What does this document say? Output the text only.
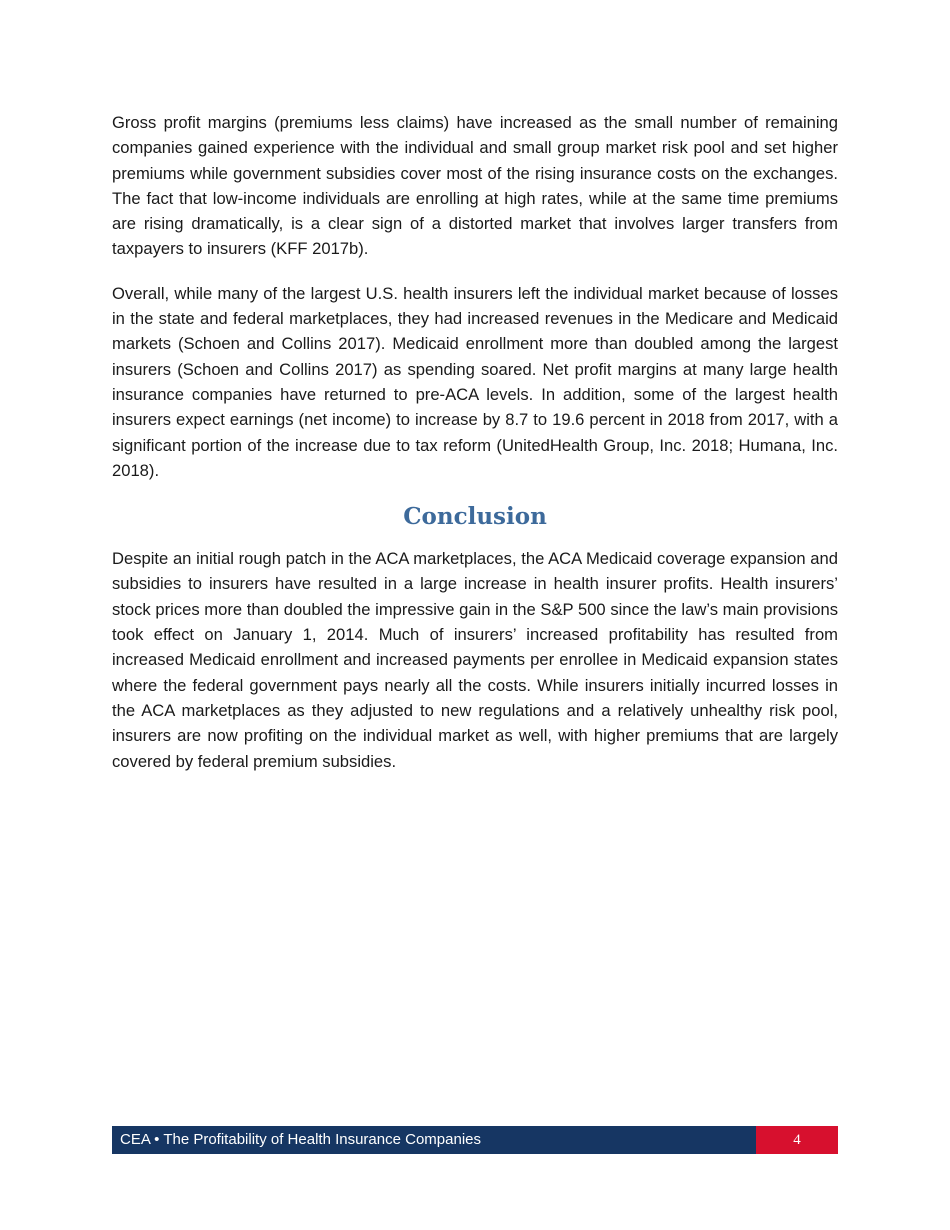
Gross profit margins (premiums less claims) have increased as the small number of remaining companies gained experience with the individual and small group market risk pool and set higher premiums while government subsidies cover most of the rising insurance costs on the exchanges. The fact that low-income individuals are enrolling at high rates, while at the same time premiums are rising dramatically, is a clear sign of a distorted market that involves larger transfers from taxpayers to insurers (KFF 2017b).

Overall, while many of the largest U.S. health insurers left the individual market because of losses in the state and federal marketplaces, they had increased revenues in the Medicare and Medicaid markets (Schoen and Collins 2017). Medicaid enrollment more than doubled among the largest insurers (Schoen and Collins 2017) as spending soared. Net profit margins at many large health insurance companies have returned to pre-ACA levels. In addition, some of the largest health insurers expect earnings (net income) to increase by 8.7 to 19.6 percent in 2018 from 2017, with a significant portion of the increase due to tax reform (UnitedHealth Group, Inc. 2018; Humana, Inc. 2018).

Conclusion

Despite an initial rough patch in the ACA marketplaces, the ACA Medicaid coverage expansion and subsidies to insurers have resulted in a large increase in health insurer profits. Health insurers’ stock prices more than doubled the impressive gain in the S&P 500 since the law’s main provisions took effect on January 1, 2014. Much of insurers’ increased profitability has resulted from increased Medicaid enrollment and increased payments per enrollee in Medicaid expansion states where the federal government pays nearly all the costs. While insurers initially incurred losses in the ACA marketplaces as they adjusted to new regulations and a relatively unhealthy risk pool, insurers are now profiting on the individual market as well, with higher premiums that are largely covered by federal premium subsidies.

CEA • The Profitability of Health Insurance Companies	4
